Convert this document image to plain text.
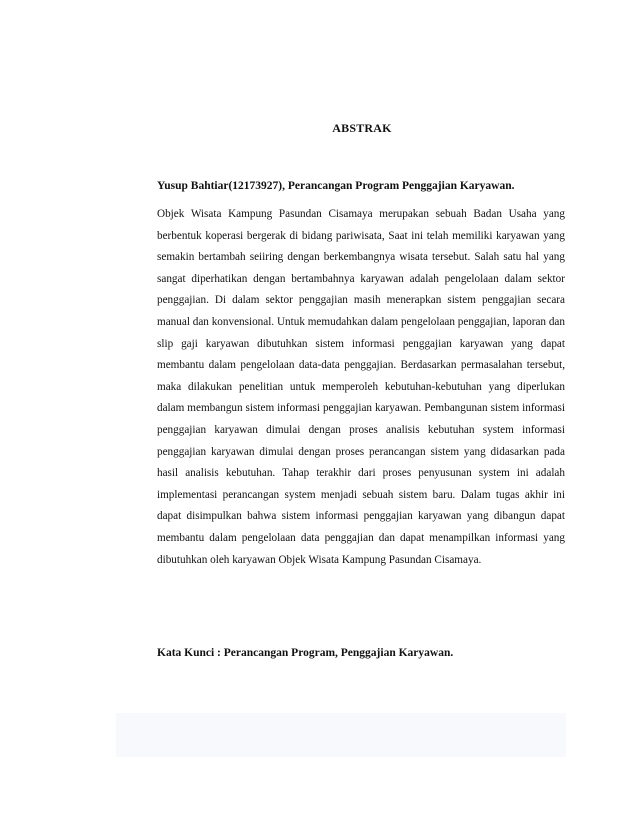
ABSTRAK
Yusup Bahtiar(12173927), Perancangan Program Penggajian Karyawan.

Objek Wisata Kampung Pasundan Cisamaya merupakan sebuah Badan Usaha yang berbentuk koperasi bergerak di bidang pariwisata, Saat ini telah memiliki karyawan yang semakin bertambah seiiring dengan berkembangnya wisata tersebut. Salah satu hal yang sangat diperhatikan dengan bertambahnya karyawan adalah pengelolaan dalam sektor penggajian. Di dalam sektor penggajian masih menerapkan sistem penggajian secara manual dan konvensional. Untuk memudahkan dalam pengelolaan penggajian, laporan dan slip gaji karyawan dibutuhkan sistem informasi penggajian karyawan yang dapat membantu dalam pengelolaan data-data penggajian. Berdasarkan permasalahan tersebut, maka dilakukan penelitian untuk memperoleh kebutuhan-kebutuhan yang diperlukan dalam membangun sistem informasi penggajian karyawan. Pembangunan sistem informasi penggajian karyawan dimulai dengan proses analisis kebutuhan system informasi penggajian karyawan dimulai dengan proses perancangan sistem yang didasarkan pada hasil analisis kebutuhan. Tahap terakhir dari proses penyusunan system ini adalah implementasi perancangan system menjadi sebuah sistem baru. Dalam tugas akhir ini dapat disimpulkan bahwa sistem informasi penggajian karyawan yang dibangun dapat membantu dalam pengelolaan data penggajian dan dapat menampilkan informasi yang dibutuhkan oleh karyawan Objek Wisata Kampung Pasundan Cisamaya.

Kata Kunci : Perancangan Program, Penggajian Karyawan.
